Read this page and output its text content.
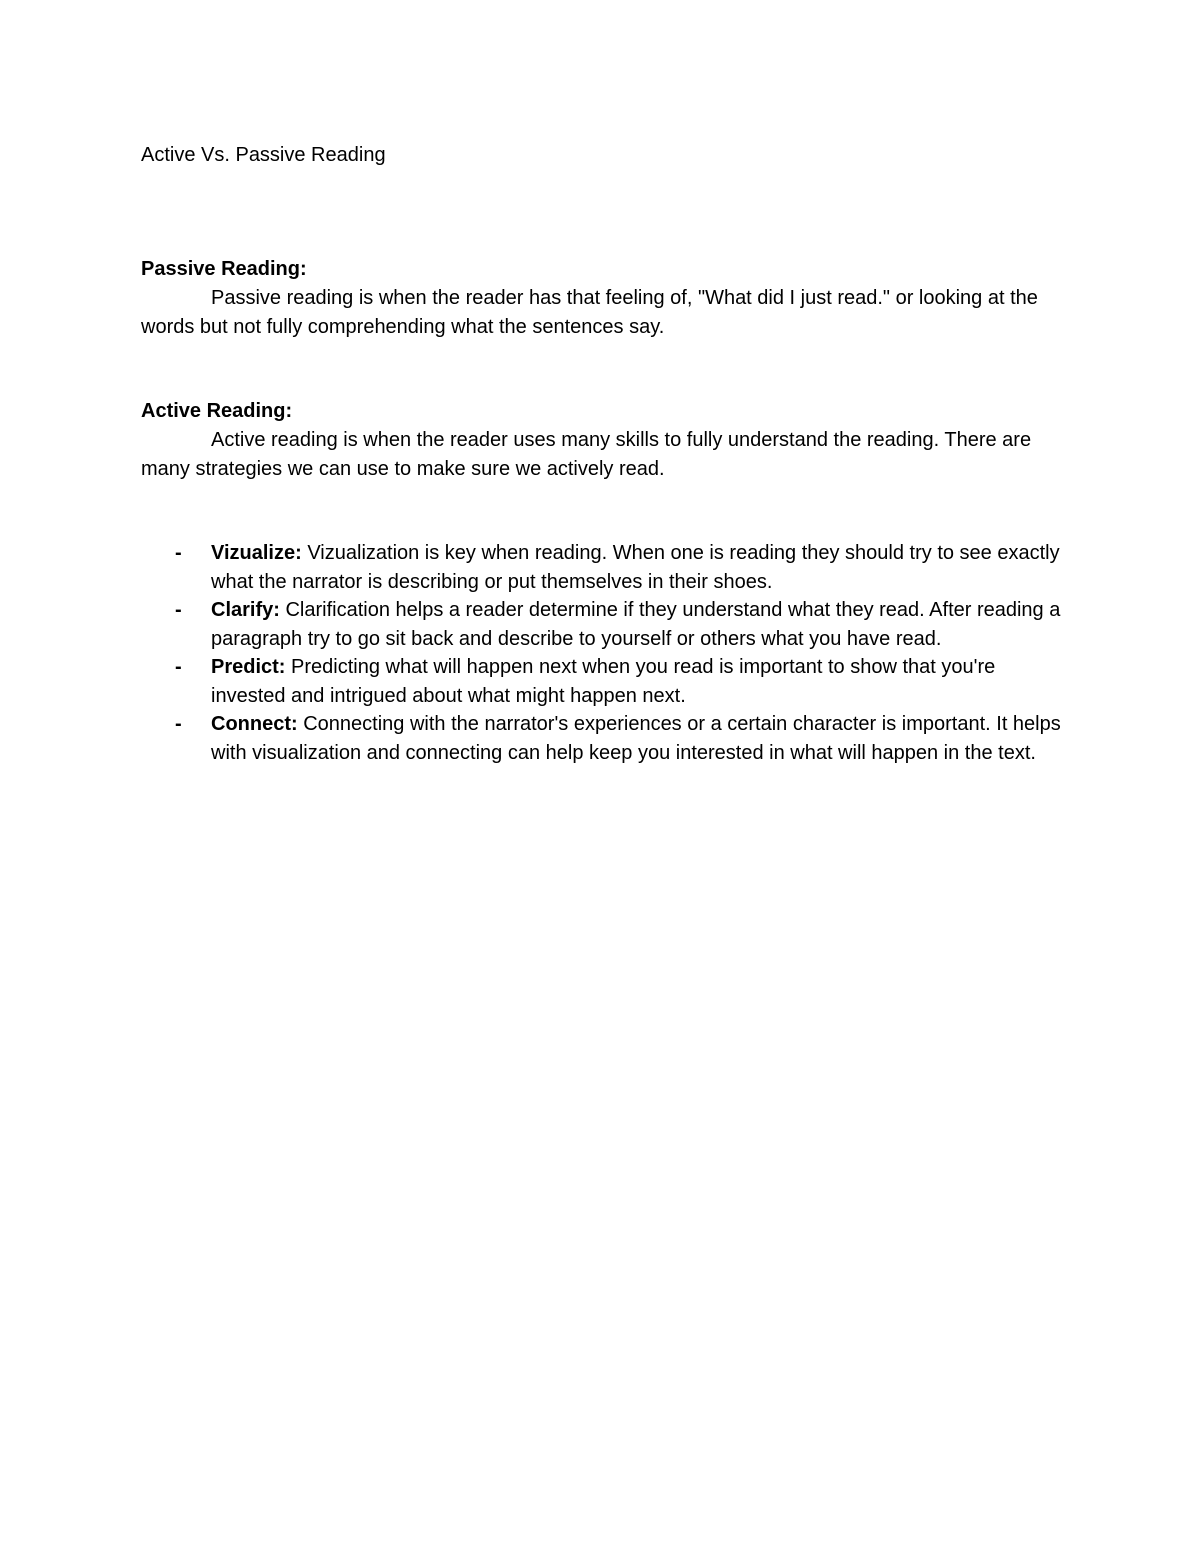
Active Vs. Passive Reading
Passive Reading:

Passive reading is when the reader has that feeling of, "What did I just read." or looking at the words but not fully comprehending what the sentences say.

Active Reading:

Active reading is when the reader uses many skills to fully understand the reading. There are many strategies we can use to make sure we actively read.

- Vizualize: Vizualization is key when reading. When one is reading they should try to see exactly what the narrator is describing or put themselves in their shoes.
- Clarify: Clarification helps a reader determine if they understand what they read. After reading a paragraph try to go sit back and describe to yourself or others what you have read.
- Predict: Predicting what will happen next when you read is important to show that you're invested and intrigued about what might happen next.
- Connect: Connecting with the narrator's experiences or a certain character is important. It helps with visualization and connecting can help keep you interested in what will happen in the text.
